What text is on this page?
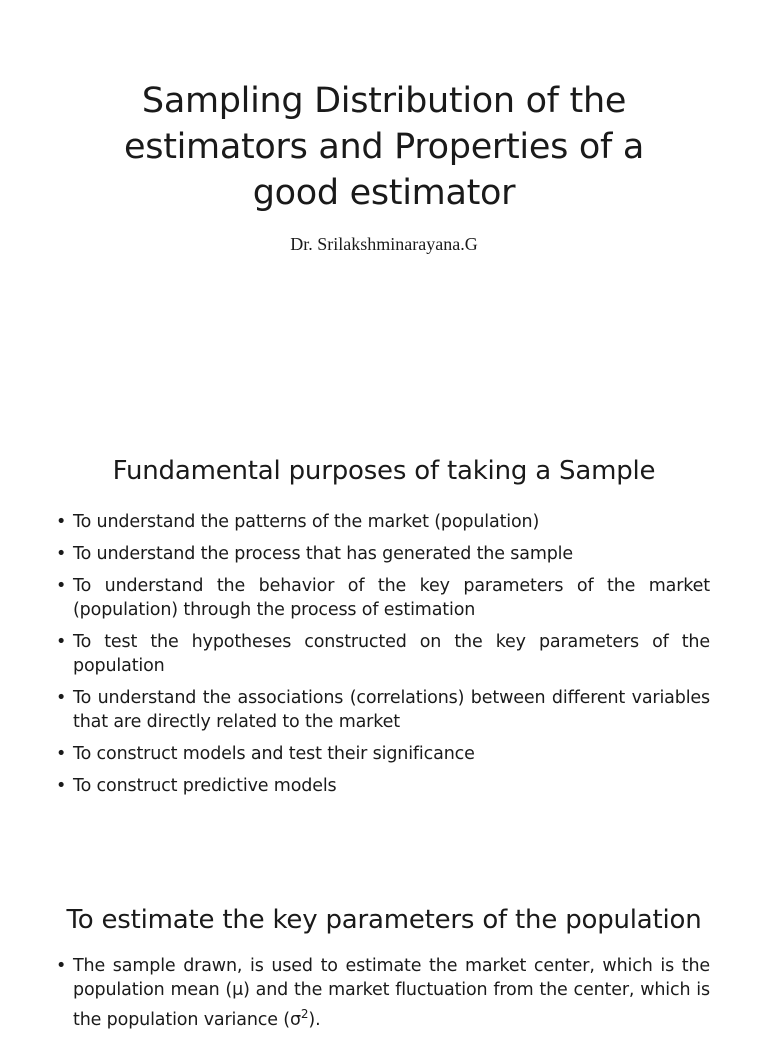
Sampling Distribution of the
estimators and Properties of a
good estimator
Dr. Srilakshminarayana.G
Fundamental purposes of taking a Sample
• To understand the patterns of the market (population)
• To understand the process that has generated the sample
• To understand the behavior of the key parameters of the market (population) through the process of estimation
• To test the hypotheses constructed on the key parameters of the population
• To understand the associations (correlations) between different variables that are directly related to the market
• To construct models and test their significance
• To construct predictive models
To estimate the key parameters of the population
• The sample drawn, is used to estimate the market center, which is the population mean (μ) and the market fluctuation from the center, which is the population variance $(\sigma^2)$.
